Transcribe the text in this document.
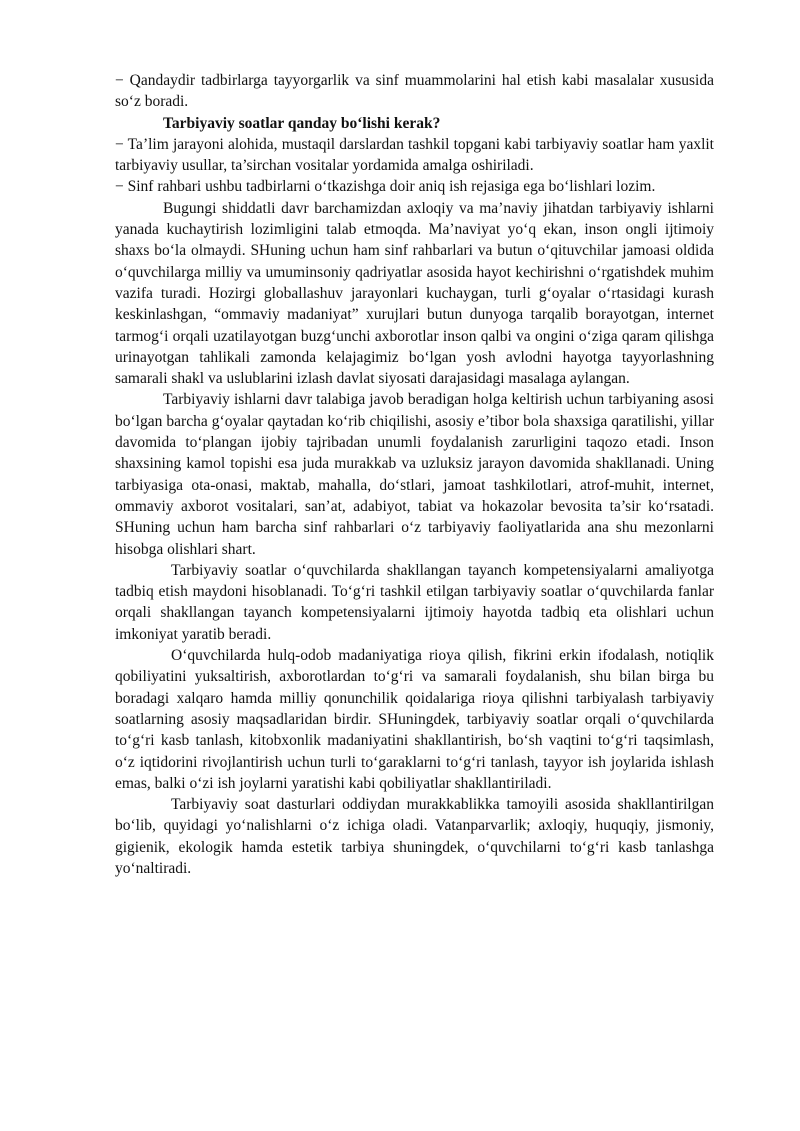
− Qandaydir tadbirlarga tayyorgarlik va sinf muammolarini hal etish kabi masalalar xususida so‘z boradi.

Tarbiyaviy soatlar qanday bo‘lishi kerak?

− Ta’lim jarayoni alohida, mustaqil darslardan tashkil topgani kabi tarbiyaviy soatlar ham yaxlit tarbiyaviy usullar, ta’sirchan vositalar yordamida amalga oshiriladi.

− Sinf rahbari ushbu tadbirlarni o‘tkazishga doir aniq ish rejasiga ega bo‘lishlari lozim.

Bugungi shiddatli davr barchamizdan axloqiy va ma’naviy jihatdan tarbiyaviy ishlarni yanada kuchaytirish lozimligini talab etmoqda. Ma’naviyat yo‘q ekan, inson ongli ijtimoiy shaxs bo‘la olmaydi. SHuning uchun ham sinf rahbarlari va butun o‘qituvchilar jamoasi oldida o‘quvchilarga milliy va umuminsoniy qadriyatlar asosida hayot kechirishni o‘rgatishdek muhim vazifa turadi. Hozirgi globallashuv jarayonlari kuchaygan, turli g‘oyalar o‘rtasidagi kurash keskinlashgan, “ommaviy madaniyat” xurujlari butun dunyoga tarqalib borayotgan, internet tarmog‘i orqali uzatilayotgan buzg‘unchi axborotlar inson qalbi va ongini o‘ziga qaram qilishga urinayotgan tahlikali zamonda kelajagimiz bo‘lgan yosh avlodni hayotga tayyorlashning samarali shakl va uslublarini izlash davlat siyosati darajasidagi masalaga aylangan.

Tarbiyaviy ishlarni davr talabiga javob beradigan holga keltirish uchun tarbiyaning asosi bo‘lgan barcha g‘oyalar qaytadan ko‘rib chiqilishi, asosiy e’tibor bola shaxsiga qaratilishi, yillar davomida to‘plangan ijobiy tajribadan unumli foydalanish zarurligini taqozo etadi. Inson shaxsining kamol topishi esa juda murakkab va uzluksiz jarayon davomida shakllanadi. Uning tarbiyasiga ota-onasi, maktab, mahalla, do‘stlari, jamoat tashkilotlari, atrof-muhit, internet, ommaviy axborot vositalari, san’at, adabiyot, tabiat va hokazolar bevosita ta’sir ko‘rsatadi. SHuning uchun ham barcha sinf rahbarlari o‘z tarbiyaviy faoliyatlarida ana shu mezonlarni hisobga olishlari shart.

Tarbiyaviy soatlar o‘quvchilarda shakllangan tayanch kompetensiyalarni amaliyotga tadbiq etish maydoni hisoblanadi. To‘g‘ri tashkil etilgan tarbiyaviy soatlar o‘quvchilarda fanlar orqali shakllangan tayanch kompetensiyalarni ijtimoiy hayotda tadbiq eta olishlari uchun imkoniyat yaratib beradi.

O‘quvchilarda hulq-odob madaniyatiga rioya qilish, fikrini erkin ifodalash, notiqlik qobiliyatini yuksaltirish, axborotlardan to‘g‘ri va samarali foydalanish, shu bilan birga bu boradagi xalqaro hamda milliy qonunchilik qoidalariga rioya qilishni tarbiyalash tarbiyaviy soatlarning asosiy maqsadlaridan birdir. SHuningdek, tarbiyaviy soatlar orqali o‘quvchilarda to‘g‘ri kasb tanlash, kitobxonlik madaniyatini shakllantirish, bo‘sh vaqtini to‘g‘ri taqsimlash, o‘z iqtidorini rivojlantirish uchun turli to‘garaklarni to‘g‘ri tanlash, tayyor ish joylarida ishlash emas, balki o‘zi ish joylarni yaratishi kabi qobiliyatlar shakllantiriladi.

Tarbiyaviy soat dasturlari oddiydan murakkablikka tamoyili asosida shakllantirilgan bo‘lib, quyidagi yo‘nalishlarni o‘z ichiga oladi. Vatanparvarlik; axloqiy, huquqiy, jismoniy, gigienik, ekologik hamda estetik tarbiya shuningdek, o‘quvchilarni to‘g‘ri kasb tanlashga yo‘naltiradi.
